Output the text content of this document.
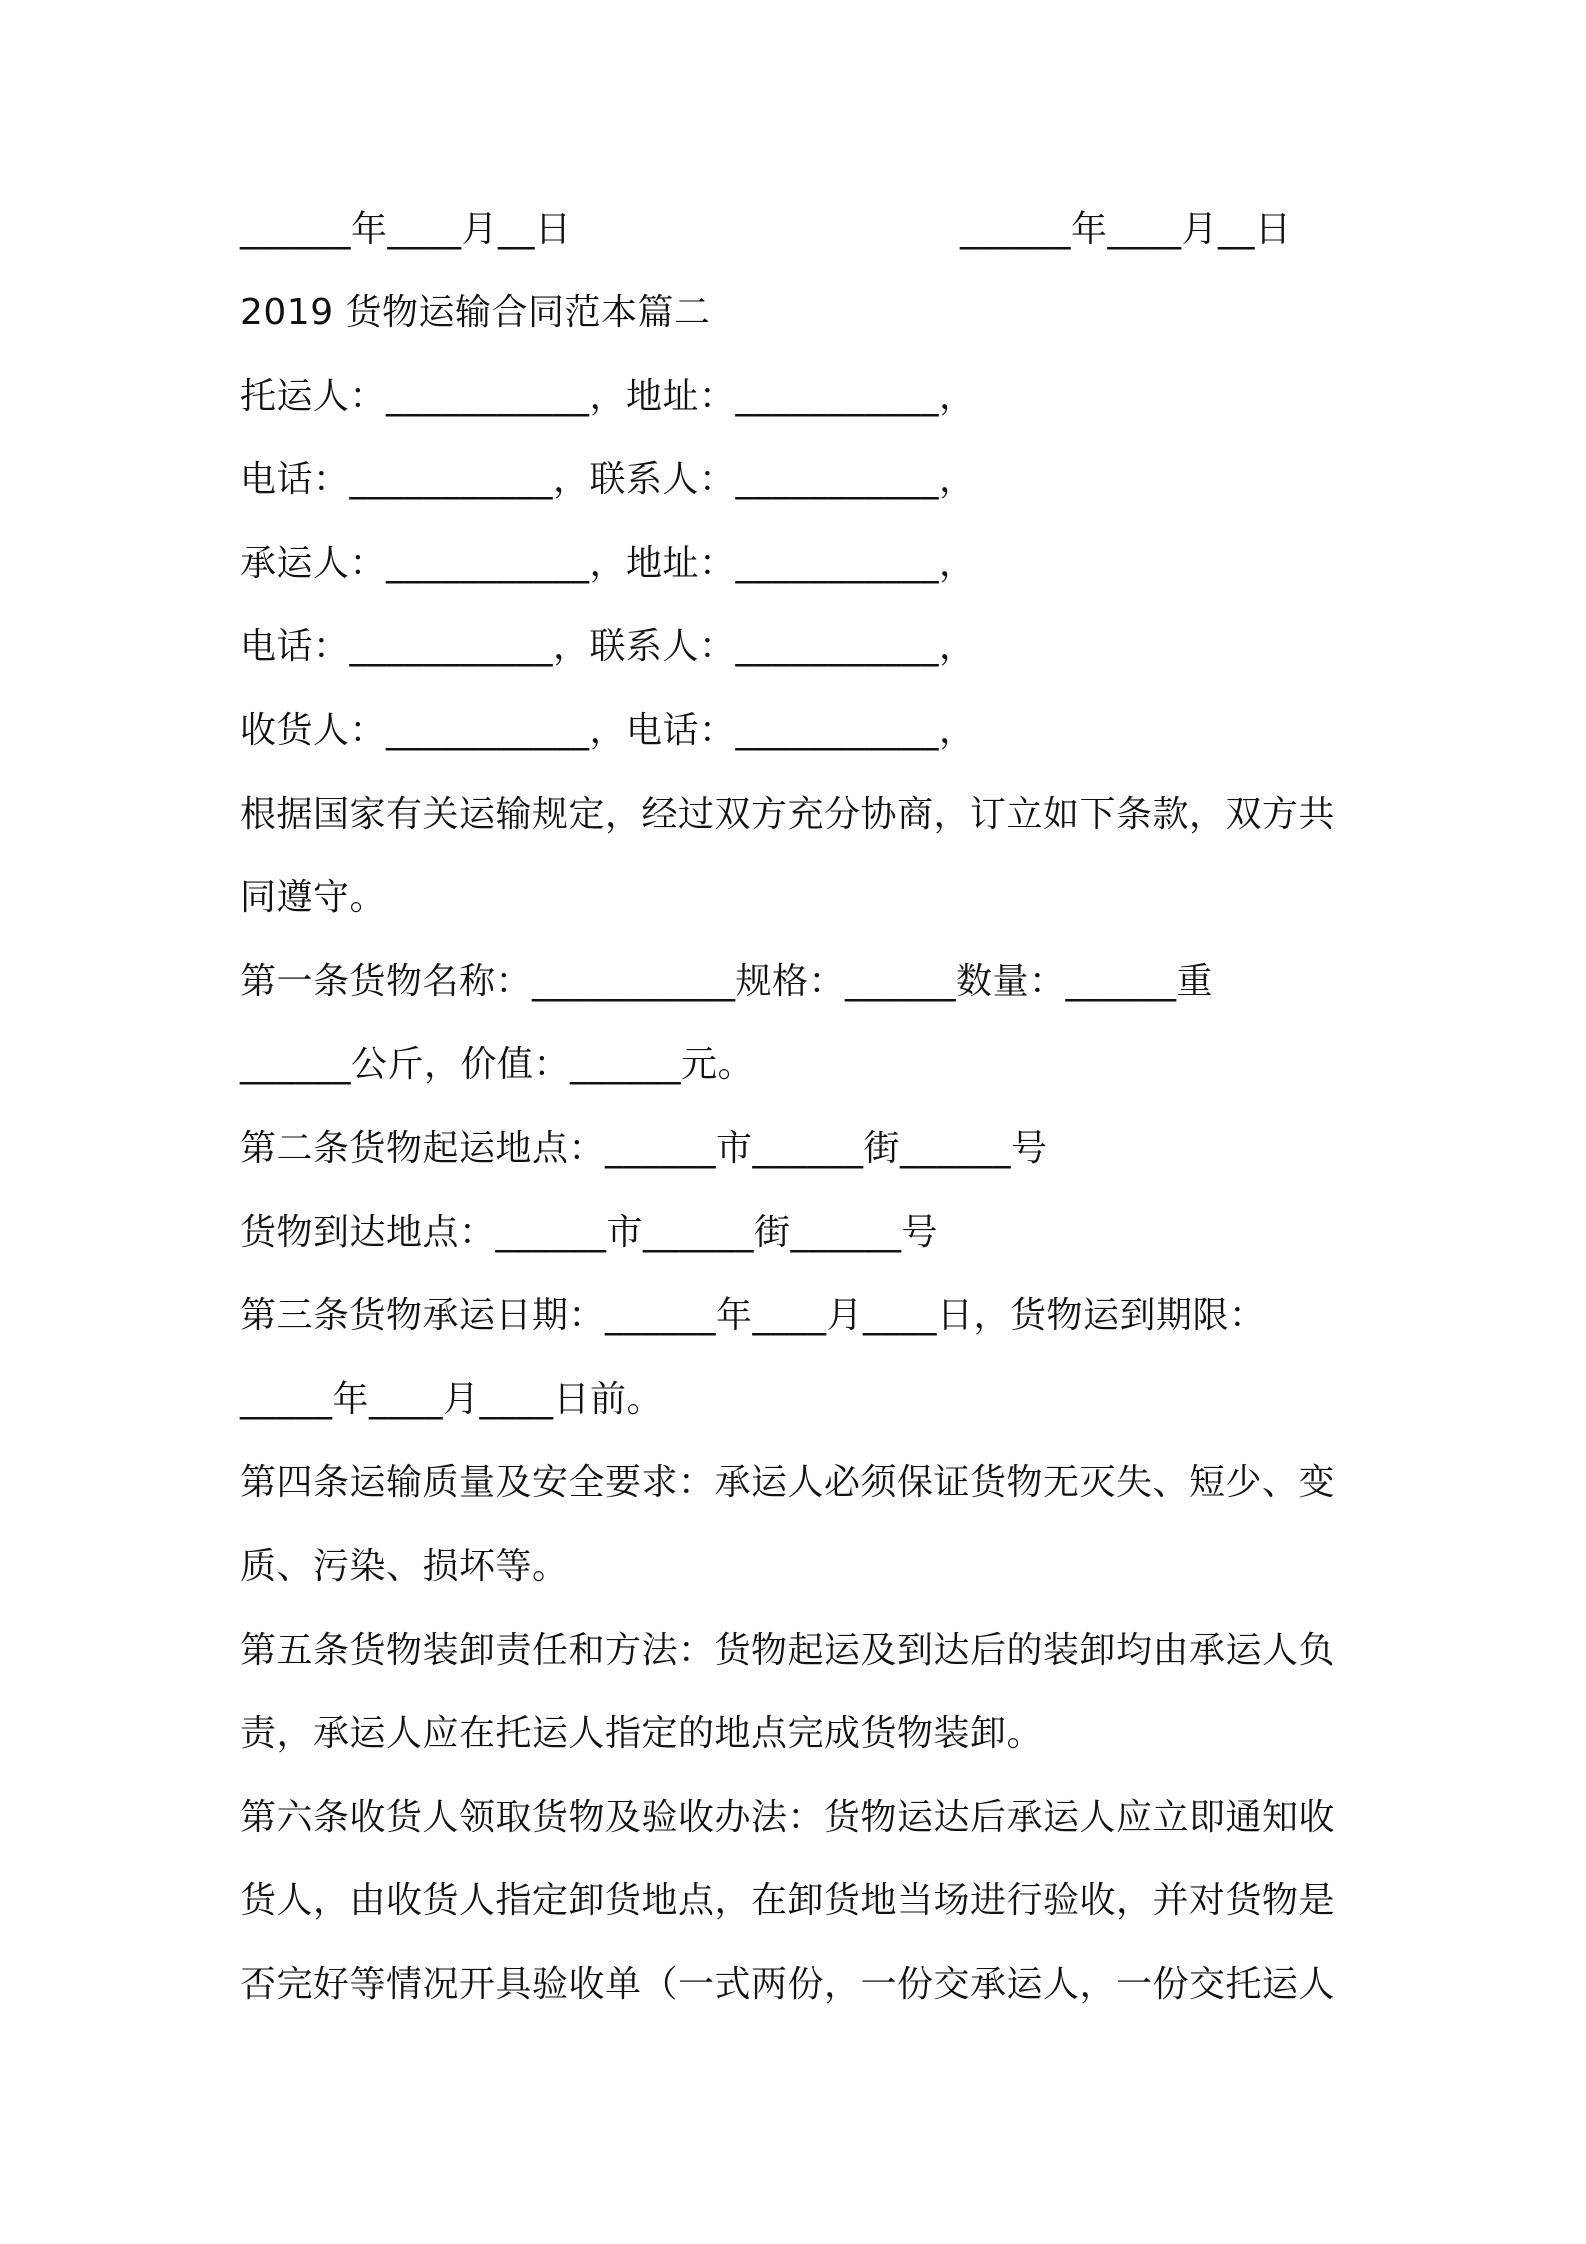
______年____月__日	______年____月__日
2019 货物运输合同范本篇二
托运人：___________，地址：___________，
电话：___________，联系人：___________，
承运人：___________，地址：___________，
电话：___________，联系人：___________，
收货人：___________，电话：___________，
根据国家有关运输规定，经过双方充分协商，订立如下条款，双方共
同遵守。
第一条货物名称：___________规格：______数量：______重
______公斤，价值：______元。
第二条货物起运地点：______市______街______号
货物到达地点：______市______街______号
第三条货物承运日期：______年____月____日，货物运到期限：
_____年____月____日前。
第四条运输质量及安全要求：承运人必须保证货物无灭失、短少、变
质、污染、损坏等。
第五条货物装卸责任和方法：货物起运及到达后的装卸均由承运人负
责，承运人应在托运人指定的地点完成货物装卸。
第六条收货人领取货物及验收办法：货物运达后承运人应立即通知收
货人，由收货人指定卸货地点，在卸货地当场进行验收，并对货物是
否完好等情况开具验收单（一式两份，一份交承运人，一份交托运人
